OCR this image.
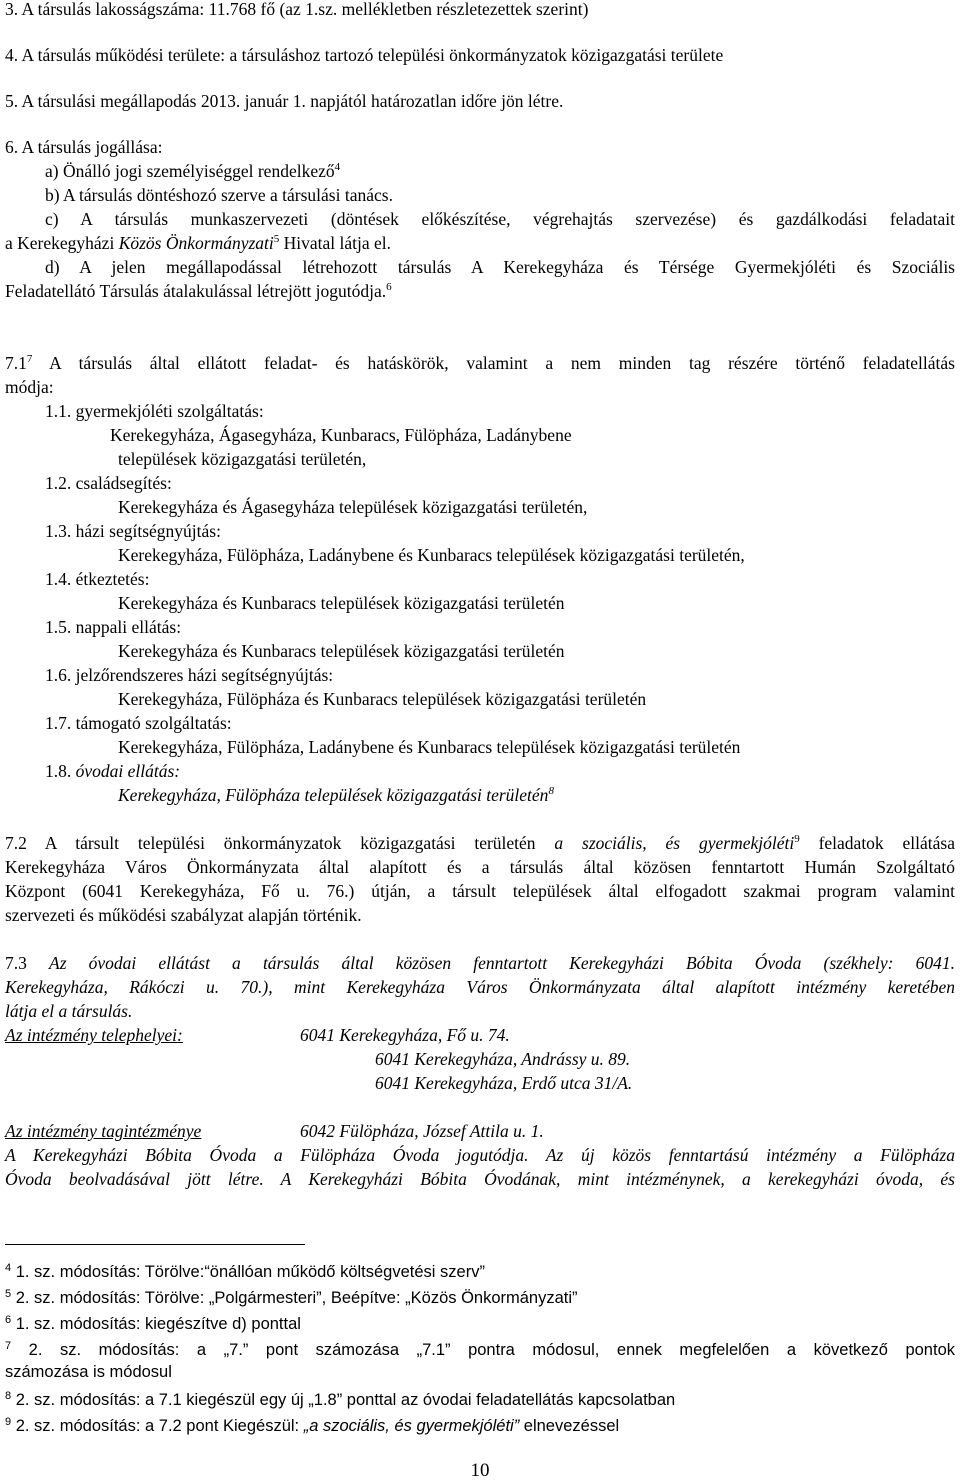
3. A társulás lakosságszáma: 11.768 fő (az 1.sz. mellékletben részletezettek szerint)
4. A társulás működési területe: a társuláshoz tartozó települési önkormányzatok közigazgatási területe
5. A társulási megállapodás 2013. január 1. napjától határozatlan időre jön létre.
6. A társulás jogállása:
a) Önálló jogi személyiséggel rendelkező$^4$
b) A társulás döntéshozó szerve a társulási tanács.
c) A társulás munkaszervezeti (döntések előkészítése, végrehajtás szervezése) és gazdálkodási feladatait
a Kerekegyházi Közös Önkormányzati$^5$ Hivatal látja el.
d) A jelen megállapodással létrehozott társulás A Kerekegyháza és Térsége Gyermekjóléti és Szociális
Feladatellátó Társulás átalakulással létrejött jogutódja.$^6$
$7.1^7$ A társulás által ellátott feladat- és hatáskörök, valamint a nem minden tag részére történő feladatellátás
módja:
1.1. gyermekjóléti szolgáltatás:
Kerekegyháza, Ágasegyháza, Kunbaracs, Fülöpháza, Ladánybene
települések közigazgatási területén,
1.2. családsegítés:
Kerekegyháza és Ágasegyháza települések közigazgatási területén,
1.3. házi segítségnyújtás:
Kerekegyháza, Fülöpháza, Ladánybene és Kunbaracs települések közigazgatási területén,
1.4. étkeztetés:
Kerekegyháza és Kunbaracs települések közigazgatási területén
1.5. nappali ellátás:
Kerekegyháza és Kunbaracs települések közigazgatási területén
1.6. jelzőrendszeres házi segítségnyújtás:
Kerekegyháza, Fülöpháza és Kunbaracs települések közigazgatási területén
1.7. támogató szolgáltatás:
Kerekegyháza, Fülöpháza, Ladánybene és Kunbaracs települések közigazgatási területén
1.8. óvodai ellátás:
Kerekegyháza, Fülöpháza települések közigazgatási területén$^8$
7.2 A társult települési önkormányzatok közigazgatási területén a szociális, és gyermekjóléti$^9$ feladatok ellátása
Kerekegyháza Város Önkormányzata által alapított és a társulás által közösen fenntartott Humán Szolgáltató
Központ (6041 Kerekegyháza, Fő u. 76.) útján, a társult települések által elfogadott szakmai program valamint
szervezeti és működési szabályzat alapján történik.
7.3 Az óvodai ellátást a társulás által közösen fenntartott Kerekegyházi Bóbita Óvoda (székhely: 6041.
Kerekegyháza, Rákóczi u. 70.), mint Kerekegyháza Város Önkormányzata által alapított intézmény keretében
látja el a társulás.
Az intézmény telephelyei:	6041 Kerekegyháza, Fő u. 74.
6041 Kerekegyháza, Andrássy u. 89.
6041 Kerekegyháza, Erdő utca 31/A.
Az intézmény tagintézménye	6042 Fülöpháza, József Attila u. 1.
A Kerekegyházi Bóbita Óvoda a Fülöpháza Óvoda jogutódja. Az új közös fenntartású intézmény a Fülöpháza
Óvoda beolvadásával jött létre. A Kerekegyházi Bóbita Óvodának, mint intézménynek, a kerekegyházi óvoda, és
$^4$ 1. sz. módosítás: Törölve:“önállóan működő költségvetési szerv”
$^5$ 2. sz. módosítás: Törölve: „Polgármesteri”, Beépítve: „Közös Önkormányzati”
$^6$ 1. sz. módosítás: kiegészítve d) ponttal
$^7$ 2. sz. módosítás: a „7.” pont számozása „7.1” pontra módosul, ennek megfelelően a következő pontok
számozása is módosul
$^8$ 2. sz. módosítás: a 7.1 kiegészül egy új „1.8” ponttal az óvodai feladatellátás kapcsolatban
$^9$ 2. sz. módosítás: a 7.2 pont Kiegészül: „a szociális, és gyermekjóléti” elnevezéssel
10
